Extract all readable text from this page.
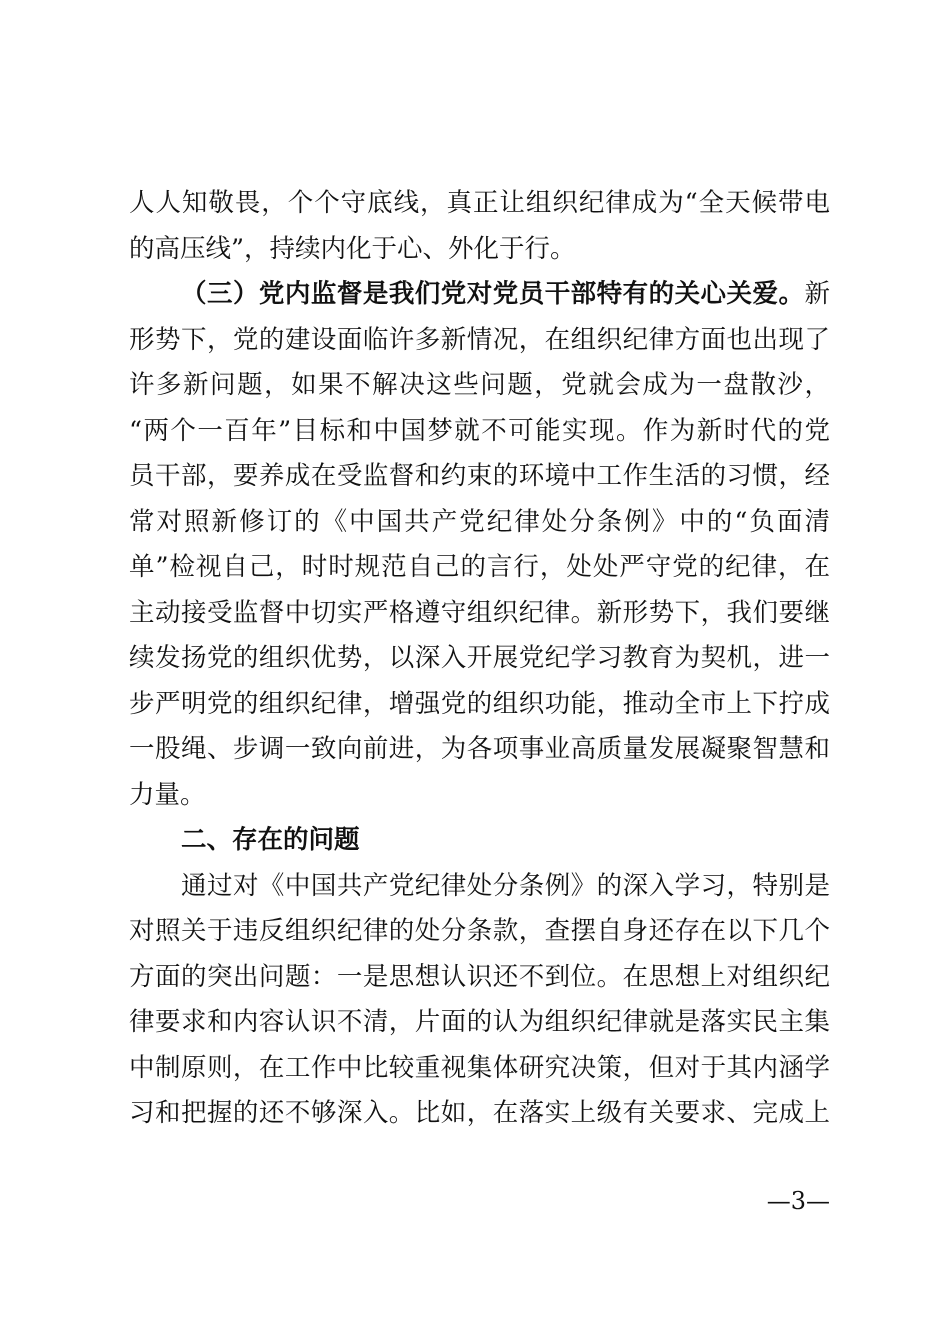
人人知敬畏，个个守底线，真正让组织纪律成为“全天候带电
的高压线”，持续内化于心、外化于行。
（三）党内监督是我们党对党员干部特有的关心关爱。新
形势下，党的建设面临许多新情况，在组织纪律方面也出现了
许多新问题，如果不解决这些问题，党就会成为一盘散沙，
“两个一百年”目标和中国梦就不可能实现。作为新时代的党
员干部，要养成在受监督和约束的环境中工作生活的习惯，经
常对照新修订的《中国共产党纪律处分条例》中的“负面清
单”检视自己，时时规范自己的言行，处处严守党的纪律，在
主动接受监督中切实严格遵守组织纪律。新形势下，我们要继
续发扬党的组织优势，以深入开展党纪学习教育为契机，进一
步严明党的组织纪律，增强党的组织功能，推动全市上下拧成
一股绳、步调一致向前进，为各项事业高质量发展凝聚智慧和
力量。
二、存在的问题
通过对《中国共产党纪律处分条例》的深入学习，特别是
对照关于违反组织纪律的处分条款，查摆自身还存在以下几个
方面的突出问题：一是思想认识还不到位。在思想上对组织纪
律要求和内容认识不清，片面的认为组织纪律就是落实民主集
中制原则，在工作中比较重视集体研究决策，但对于其内涵学
习和把握的还不够深入。比如，在落实上级有关要求、完成上
—3—
